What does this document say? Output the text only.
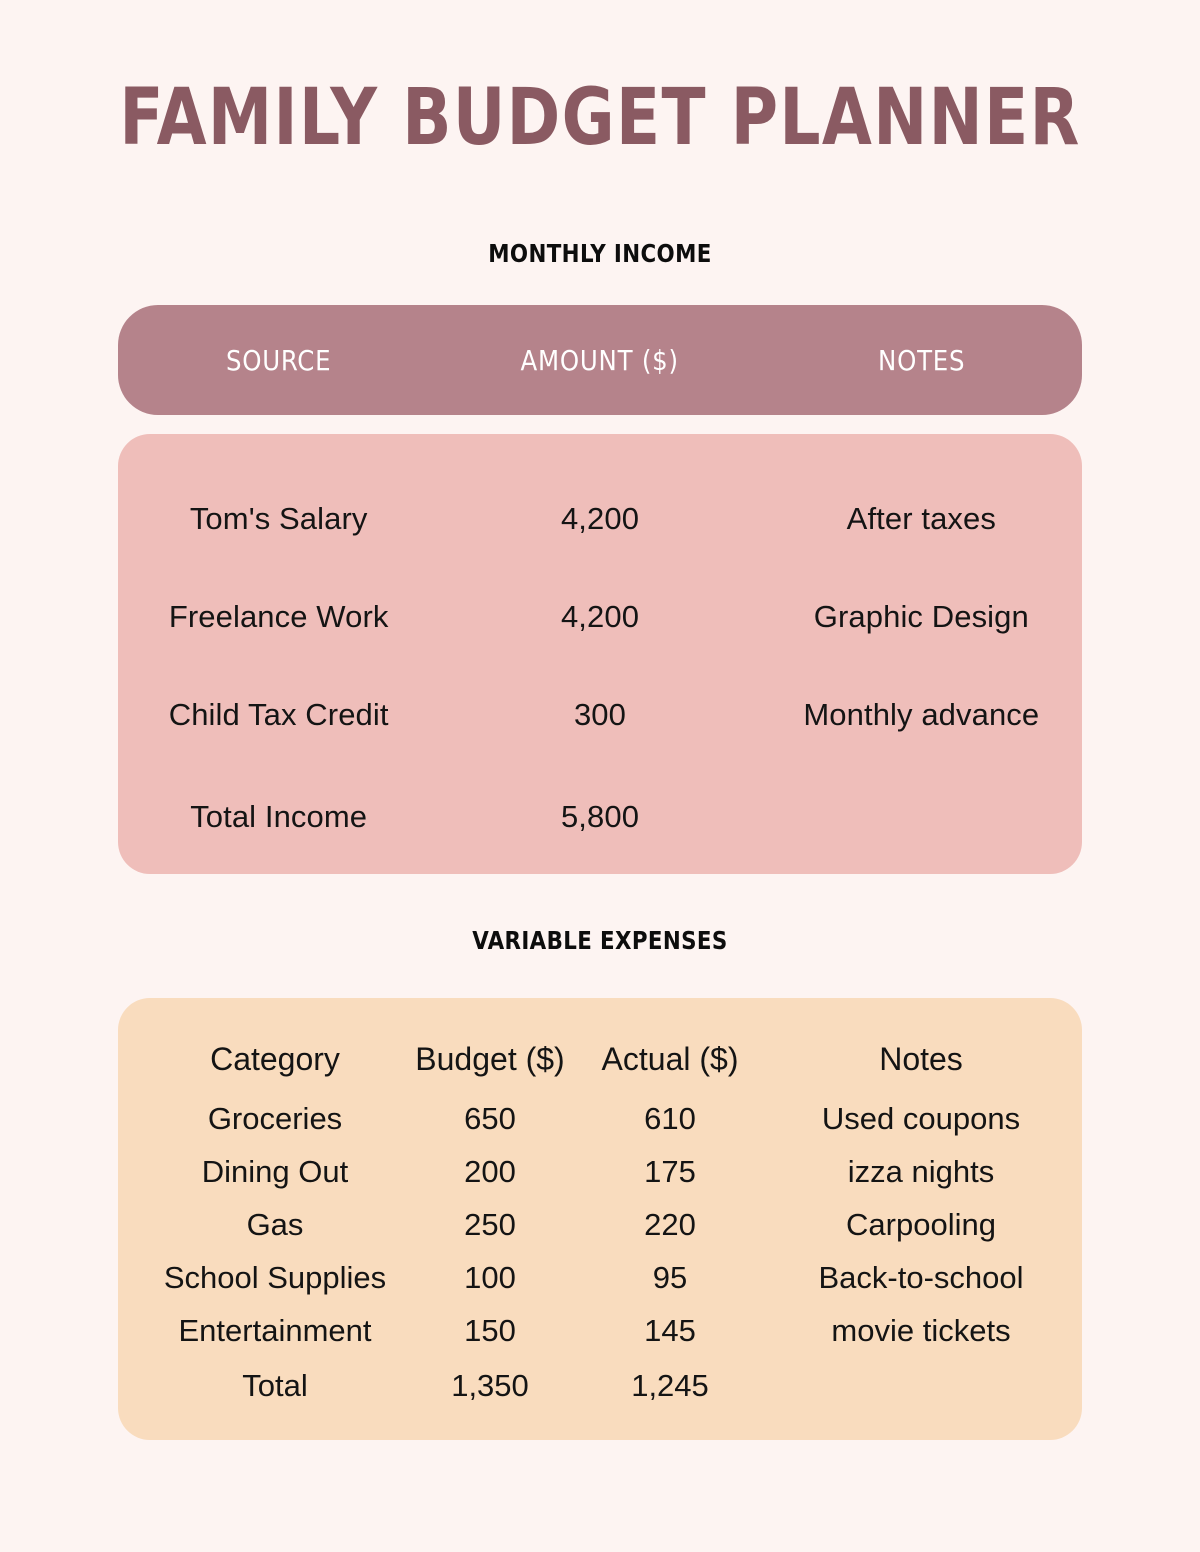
FAMILY BUDGET PLANNER
MONTHLY INCOME
SOURCE	AMOUNT ($)	NOTES
Tom's Salary	4,200	After taxes
Freelance Work	4,200	Graphic Design
Child Tax Credit	300	Monthly advance
Total Income	5,800
VARIABLE EXPENSES
Category	Budget ($)	Actual ($)	Notes
Groceries	650	610	Used coupons
Dining Out	200	175	izza nights
Gas	250	220	Carpooling
School Supplies	100	95	Back-to-school
Entertainment	150	145	movie tickets
Total	1,350	1,245
